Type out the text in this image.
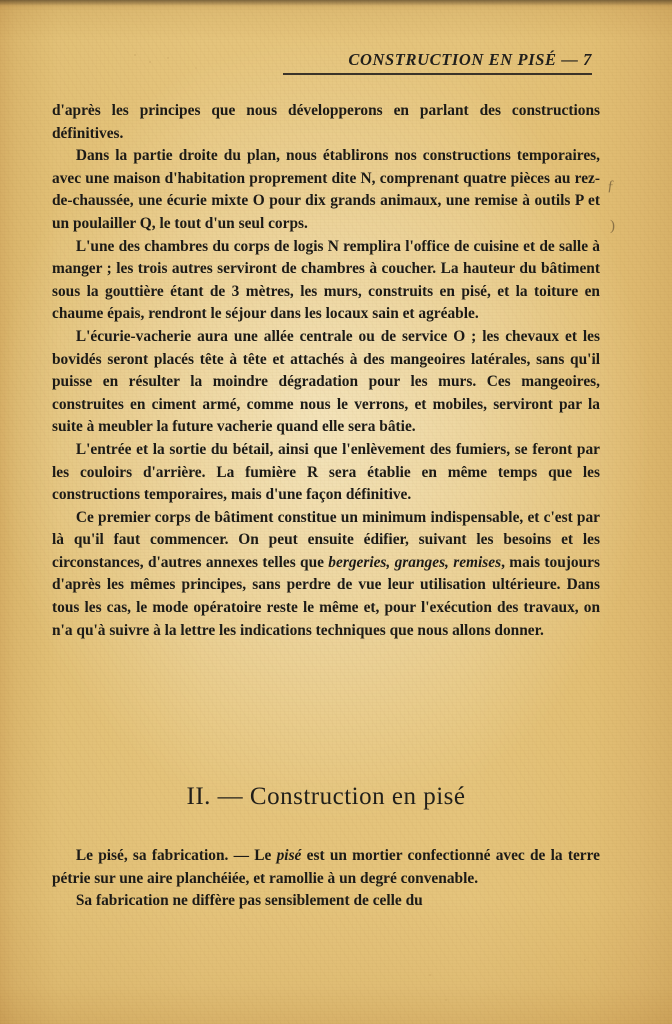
CONSTRUCTION EN PISÉ — 7

d'après les principes que nous développerons en parlant des constructions définitives.

Dans la partie droite du plan, nous établirons nos constructions temporaires, avec une maison d'habitation proprement dite N, comprenant quatre pièces au rez-de-chaussée, une écurie mixte O pour dix grands animaux, une remise à outils P et un poulailler Q, le tout d'un seul corps.

L'une des chambres du corps de logis N remplira l'office de cuisine et de salle à manger ; les trois autres serviront de chambres à coucher. La hauteur du bâtiment sous la gouttière étant de 3 mètres, les murs, construits en pisé, et la toiture en chaume épais, rendront le séjour dans les locaux sain et agréable.

L'écurie-vacherie aura une allée centrale ou de service O ; les chevaux et les bovidés seront placés tête à tête et attachés à des mangeoires latérales, sans qu'il puisse en résulter la moindre dégradation pour les murs. Ces mangeoires, construites en ciment armé, comme nous le verrons, et mobiles, serviront par la suite à meubler la future vacherie quand elle sera bâtie.

L'entrée et la sortie du bétail, ainsi que l'enlèvement des fumiers, se feront par les couloirs d'arrière. La fumière R sera établie en même temps que les constructions temporaires, mais d'une façon définitive.

Ce premier corps de bâtiment constitue un minimum indispensable, et c'est par là qu'il faut commencer. On peut ensuite édifier, suivant les besoins et les circonstances, d'autres annexes telles que bergeries, granges, remises, mais toujours d'après les mêmes principes, sans perdre de vue leur utilisation ultérieure. Dans tous les cas, le mode opératoire reste le même et, pour l'exécution des travaux, on n'a qu'à suivre à la lettre les indications techniques que nous allons donner.

II. — Construction en pisé

Le pisé, sa fabrication. — Le pisé est un mortier confectionné avec de la terre pétrie sur une aire planchéiée, et ramollie à un degré convenable.

Sa fabrication ne diffère pas sensiblement de celle du

ƒ
)
